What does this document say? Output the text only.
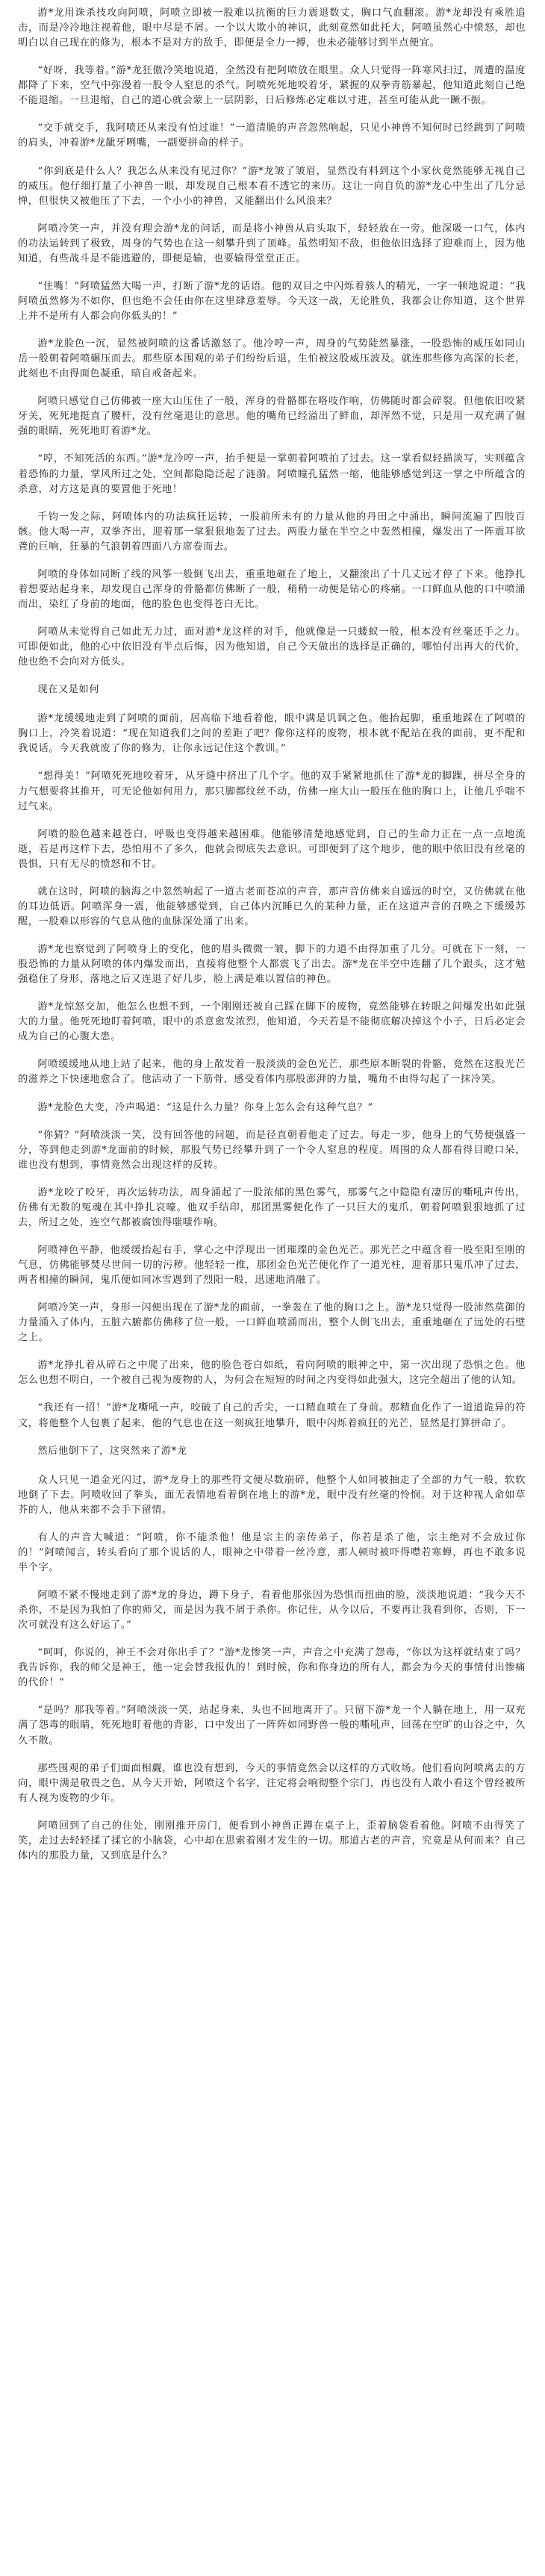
游*龙用诛杀技攻向阿喷，阿喷立即被一股难以抗衡的巨力震退数丈，胸口气血翻滚。游*龙却没有乘胜追击，而是冷冷地注视着他，眼中尽是不屑。一个以大欺小的神识，此刻竟然如此托大，阿喷虽然心中愤怒，却也明白以自己现在的修为，根本不是对方的敌手，即便是全力一搏，也未必能够讨到半点便宜。

“好呀，我等着。”游*龙狂傲冷笑地说道，全然没有把阿喷放在眼里。众人只觉得一阵寒风扫过，周遭的温度都降了下来，空气中弥漫着一股令人窒息的杀气。阿喷死死地咬着牙，紧握的双拳青筋暴起，他知道此刻自己绝不能退缩。一旦退缩，自己的道心就会蒙上一层阴影，日后修炼必定难以寸进，甚至可能从此一蹶不振。

“交手就交手，我阿喷还从来没有怕过谁！”一道清脆的声音忽然响起，只见小神兽不知何时已经跳到了阿喷的肩头，冲着游*龙龇牙咧嘴，一副要拼命的样子。

“你到底是什么人？我怎么从来没有见过你？”游*龙皱了皱眉，显然没有料到这个小家伙竟然能够无视自己的威压。他仔细打量了小神兽一眼，却发现自己根本看不透它的来历。这让一向自负的游*龙心中生出了几分忌惮，但很快又被他压了下去，一个小小的神兽，又能翻出什么风浪来？

阿喷冷笑一声，并没有理会游*龙的问话，而是将小神兽从肩头取下，轻轻放在一旁。他深吸一口气，体内的功法运转到了极致，周身的气势也在这一刻攀升到了顶峰。虽然明知不敌，但他依旧选择了迎难而上，因为他知道，有些战斗是不能逃避的，即便是输，也要输得堂堂正正。

“住嘴！”阿喷猛然大喝一声，打断了游*龙的话语。他的双目之中闪烁着骇人的精光，一字一顿地说道：“我阿喷虽然修为不如你，但也绝不会任由你在这里肆意羞辱。今天这一战，无论胜负，我都会让你知道，这个世界上并不是所有人都会向你低头的！”

游*龙脸色一沉，显然被阿喷的这番话激怒了。他冷哼一声，周身的气势陡然暴涨，一股恐怖的威压如同山岳一般朝着阿喷碾压而去。那些原本围观的弟子们纷纷后退，生怕被这股威压波及。就连那些修为高深的长老，此刻也不由得面色凝重，暗自戒备起来。

阿喷只感觉自己仿佛被一座大山压住了一般，浑身的骨骼都在咯吱作响，仿佛随时都会碎裂。但他依旧咬紧牙关，死死地挺直了腰杆，没有丝毫退让的意思。他的嘴角已经溢出了鲜血，却浑然不觉，只是用一双充满了倔强的眼睛，死死地盯着游*龙。

“哼，不知死活的东西。”游*龙冷哼一声，抬手便是一掌朝着阿喷拍了过去。这一掌看似轻描淡写，实则蕴含着恐怖的力量，掌风所过之处，空间都隐隐泛起了涟漪。阿喷瞳孔猛然一缩，他能够感觉到这一掌之中所蕴含的杀意，对方这是真的要置他于死地！

千钧一发之际，阿喷体内的功法疯狂运转，一股前所未有的力量从他的丹田之中涌出，瞬间流遍了四肢百骸。他大喝一声，双拳齐出，迎着那一掌狠狠地轰了过去。两股力量在半空之中轰然相撞，爆发出了一阵震耳欲聋的巨响，狂暴的气浪朝着四面八方席卷而去。

阿喷的身体如同断了线的风筝一般倒飞出去，重重地砸在了地上，又翻滚出了十几丈远才停了下来。他挣扎着想要站起身来，却发现自己浑身的骨骼都仿佛断了一般，稍稍一动便是钻心的疼痛。一口鲜血从他的口中喷涌而出，染红了身前的地面，他的脸色也变得苍白无比。

阿喷从未觉得自己如此无力过，面对游*龙这样的对手，他就像是一只蝼蚁一般，根本没有丝毫还手之力。可即便如此，他的心中依旧没有半点后悔，因为他知道，自己今天做出的选择是正确的，哪怕付出再大的代价，他也绝不会向对方低头。

现在又是如何

游*龙缓缓地走到了阿喷的面前，居高临下地看着他，眼中满是讥讽之色。他抬起脚，重重地踩在了阿喷的胸口上，冷笑着说道：“现在知道我们之间的差距了吧？像你这样的废物，根本就不配站在我的面前，更不配和我说话。今天我就废了你的修为，让你永远记住这个教训。”

“想得美！”阿喷死死地咬着牙，从牙缝中挤出了几个字。他的双手紧紧地抓住了游*龙的脚踝，拼尽全身的力气想要将其推开，可无论他如何用力，那只脚都纹丝不动，仿佛一座大山一般压在他的胸口上，让他几乎喘不过气来。

阿喷的脸色越来越苍白，呼吸也变得越来越困难。他能够清楚地感觉到，自己的生命力正在一点一点地流逝，若是再这样下去，恐怕用不了多久，他就会彻底失去意识。可即便到了这个地步，他的眼中依旧没有丝毫的畏惧，只有无尽的愤怒和不甘。

就在这时，阿喷的脑海之中忽然响起了一道古老而苍凉的声音，那声音仿佛来自遥远的时空，又仿佛就在他的耳边低语。阿喷浑身一震，他能够感觉到，自己体内沉睡已久的某种力量，正在这道声音的召唤之下缓缓苏醒，一股难以形容的气息从他的血脉深处涌了出来。

游*龙也察觉到了阿喷身上的变化，他的眉头微微一皱，脚下的力道不由得加重了几分。可就在下一刻，一股恐怖的力量从阿喷的体内爆发而出，直接将他整个人都震飞了出去。游*龙在半空中连翻了几个跟头，这才勉强稳住了身形，落地之后又连退了好几步，脸上满是难以置信的神色。

游*龙惊怒交加，他怎么也想不到，一个刚刚还被自己踩在脚下的废物，竟然能够在转眼之间爆发出如此强大的力量。他死死地盯着阿喷，眼中的杀意愈发浓烈，他知道，今天若是不能彻底解决掉这个小子，日后必定会成为自己的心腹大患。

阿喷缓缓地从地上站了起来，他的身上散发着一股淡淡的金色光芒，那些原本断裂的骨骼，竟然在这股光芒的滋养之下快速地愈合了。他活动了一下筋骨，感受着体内那股澎湃的力量，嘴角不由得勾起了一抹冷笑。

游*龙脸色大变，冷声喝道：“这是什么力量？你身上怎么会有这种气息？”

“你猜？”阿喷淡淡一笑，没有回答他的问题，而是径直朝着他走了过去。每走一步，他身上的气势便强盛一分，等到他走到游*龙面前的时候，那股气势已经攀升到了一个令人窒息的程度。周围的众人都看得目瞪口呆，谁也没有想到，事情竟然会出现这样的反转。

游*龙咬了咬牙，再次运转功法，周身涌起了一股浓郁的黑色雾气，那雾气之中隐隐有凄厉的嘶吼声传出，仿佛有无数的冤魂在其中挣扎哀嚎。他双手结印，那团黑雾便化作了一只巨大的鬼爪，朝着阿喷狠狠地抓了过去，所过之处，连空气都被腐蚀得嗤嗤作响。

阿喷神色平静，他缓缓抬起右手，掌心之中浮现出一团璀璨的金色光芒。那光芒之中蕴含着一股至阳至刚的气息，仿佛能够焚尽世间一切的污秽。他轻轻一推，那团金色光芒便化作了一道光柱，迎着那只鬼爪冲了过去，两者相撞的瞬间，鬼爪便如同冰雪遇到了烈阳一般，迅速地消融了。

阿喷冷笑一声，身形一闪便出现在了游*龙的面前，一拳轰在了他的胸口之上。游*龙只觉得一股沛然莫御的力量涌入了体内，五脏六腑都仿佛移了位一般，一口鲜血喷涌而出，整个人倒飞出去，重重地砸在了远处的石壁之上。

游*龙挣扎着从碎石之中爬了出来，他的脸色苍白如纸，看向阿喷的眼神之中，第一次出现了恐惧之色。他怎么也想不明白，一个被自己视为废物的人，为何会在短短的时间之内变得如此强大，这完全超出了他的认知。

“我还有一招！”游*龙嘶吼一声，咬破了自己的舌尖，一口精血喷在了身前。那精血化作了一道道诡异的符文，将他整个人包裹了起来，他的气息也在这一刻疯狂地攀升，眼中闪烁着疯狂的光芒，显然是打算拼命了。

然后他倒下了，这突然来了游*龙

众人只见一道金光闪过，游*龙身上的那些符文便尽数崩碎，他整个人如同被抽走了全部的力气一般，软软地倒了下去。阿喷收回了拳头，面无表情地看着倒在地上的游*龙，眼中没有丝毫的怜悯。对于这种视人命如草芥的人，他从来都不会手下留情。

有人的声音大喊道：“阿喷，你不能杀他！他是宗主的亲传弟子，你若是杀了他，宗主绝对不会放过你的！”阿喷闻言，转头看向了那个说话的人，眼神之中带着一丝冷意，那人顿时被吓得噤若寒蝉，再也不敢多说半个字。

阿喷不紧不慢地走到了游*龙的身边，蹲下身子，看着他那张因为恐惧而扭曲的脸，淡淡地说道：“我今天不杀你，不是因为我怕了你的师父，而是因为我不屑于杀你。你记住，从今以后，不要再让我看到你，否则，下一次可就没有这么好运了。”

“呵呵，你说的，神王不会对你出手了？”游*龙惨笑一声，声音之中充满了怨毒，“你以为这样就结束了吗？我告诉你，我的师父是神王，他一定会替我报仇的！到时候，你和你身边的所有人，都会为今天的事情付出惨痛的代价！”

“是吗？那我等着。”阿喷淡淡一笑，站起身来，头也不回地离开了。只留下游*龙一个人躺在地上，用一双充满了怨毒的眼睛，死死地盯着他的背影，口中发出了一阵阵如同野兽一般的嘶吼声，回荡在空旷的山谷之中，久久不散。

那些围观的弟子们面面相觑，谁也没有想到，今天的事情竟然会以这样的方式收场。他们看向阿喷离去的方向，眼中满是敬畏之色，从今天开始，阿喷这个名字，注定将会响彻整个宗门，再也没有人敢小看这个曾经被所有人视为废物的少年。

阿喷回到了自己的住处，刚刚推开房门，便看到小神兽正蹲在桌子上，歪着脑袋看着他。阿喷不由得笑了笑，走过去轻轻揉了揉它的小脑袋，心中却在思索着刚才发生的一切。那道古老的声音，究竟是从何而来？自己体内的那股力量，又到底是什么？
